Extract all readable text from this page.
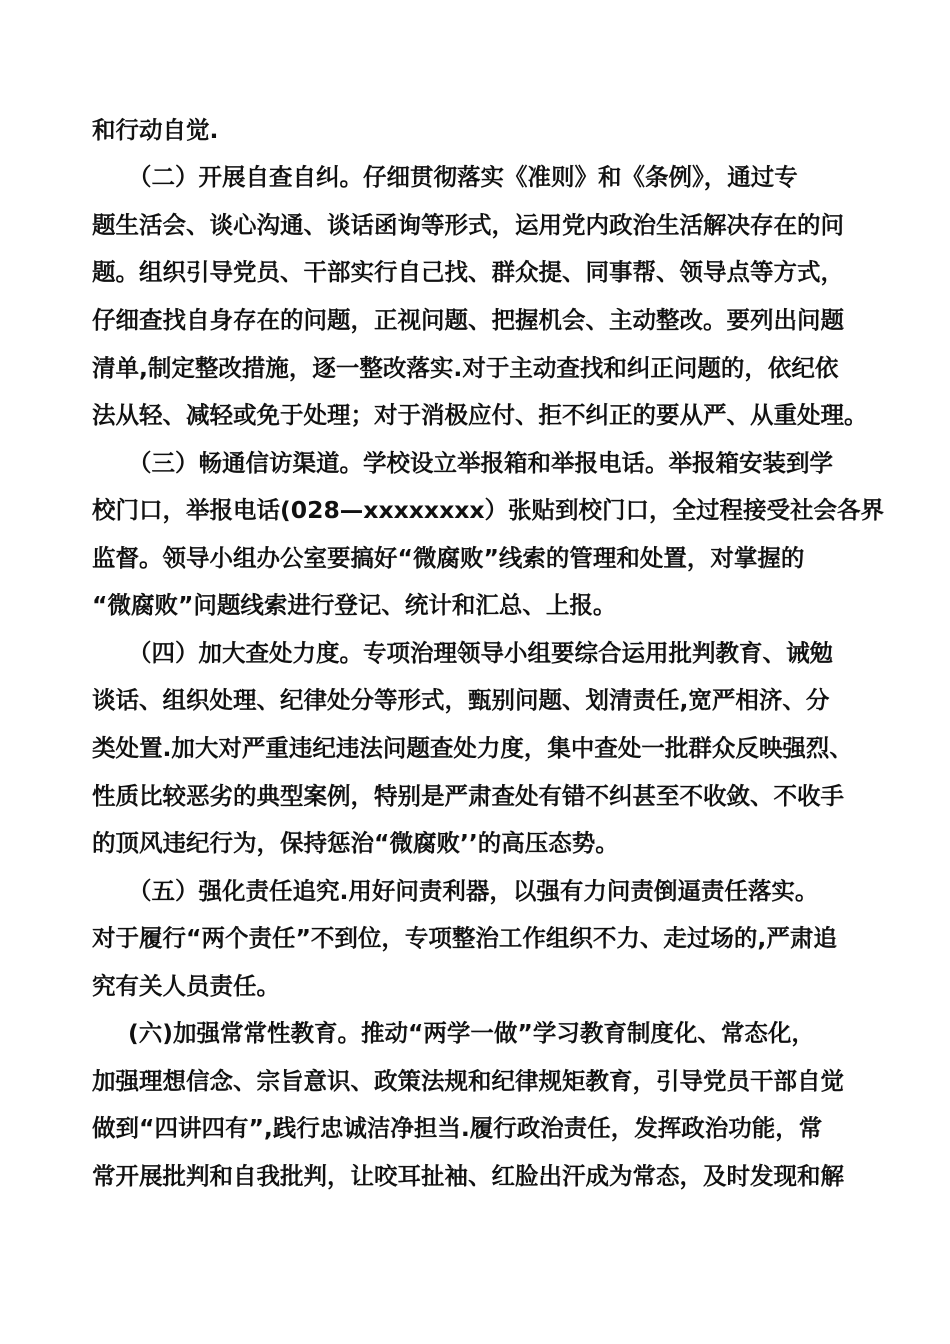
和行动自觉.

（二）开展自查自纠。仔细贯彻落实《准则》和《条例》，通过专

题生活会、谈心沟通、谈话函询等形式，运用党内政治生活解决存在的问

题。组织引导党员、干部实行自己找、群众提、同事帮、领导点等方式，

仔细查找自身存在的问题，正视问题、把握机会、主动整改。要列出问题

清单,制定整改措施，逐一整改落实.对于主动查找和纠正问题的，依纪依

法从轻、减轻或免于处理；对于消极应付、拒不纠正的要从严、从重处理。

（三）畅通信访渠道。学校设立举报箱和举报电话。举报箱安装到学

校门口，举报电话(028—xxxxxxxx）张贴到校门口，全过程接受社会各界

监督。领导小组办公室要搞好“微腐败”线索的管理和处置，对掌握的

“微腐败”问题线索进行登记、统计和汇总、上报。

（四）加大查处力度。专项治理领导小组要综合运用批判教育、诫勉

谈话、组织处理、纪律处分等形式，甄别问题、划清责任,宽严相济、分

类处置.加大对严重违纪违法问题查处力度，集中查处一批群众反映强烈、

性质比较恶劣的典型案例，特别是严肃查处有错不纠甚至不收敛、不收手

的顶风违纪行为，保持惩治“微腐败’’的高压态势。

（五）强化责任追究.用好问责利器，以强有力问责倒逼责任落实。

对于履行“两个责任”不到位，专项整治工作组织不力、走过场的,严肃追

究有关人员责任。

(六)加强常常性教育。推动“两学一做”学习教育制度化、常态化，

加强理想信念、宗旨意识、政策法规和纪律规矩教育，引导党员干部自觉

做到“四讲四有”,践行忠诚洁净担当.履行政治责任，发挥政治功能，常

常开展批判和自我批判，让咬耳扯袖、红脸出汗成为常态，及时发现和解
